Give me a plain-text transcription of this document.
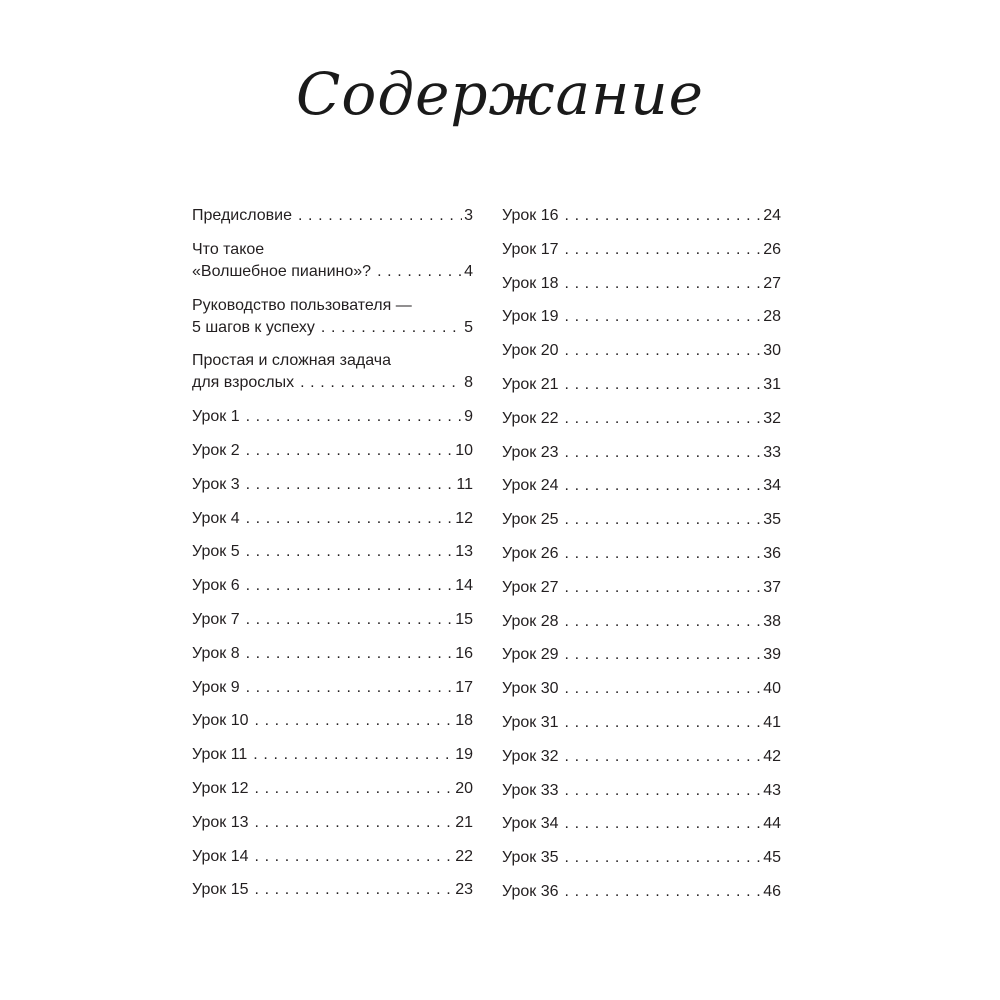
Содержание
Предисловие . . .	3
Что такое
«Волшебное пианино»? . . .	4
Руководство пользователя —
5 шагов к успеху . . .	5
Простая и сложная задача
для взрослых . . .	8
Урок 1 . . .	9
Урок 2 . . .	10
Урок 3 . . .	11
Урок 4 . . .	12
Урок 5 . . .	13
Урок 6 . . .	14
Урок 7 . . .	15
Урок 8 . . .	16
Урок 9 . . .	17
Урок 10 . . .	18
Урок 11 . . .	19
Урок 12 . . .	20
Урок 13 . . .	21
Урок 14 . . .	22
Урок 15 . . .	23
Урок 16 . . .	24
Урок 17 . . .	26
Урок 18 . . .	27
Урок 19 . . .	28
Урок 20 . . .	30
Урок 21 . . .	31
Урок 22 . . .	32
Урок 23 . . .	33
Урок 24 . . .	34
Урок 25 . . .	35
Урок 26 . . .	36
Урок 27 . . .	37
Урок 28 . . .	38
Урок 29 . . .	39
Урок 30 . . .	40
Урок 31 . . .	41
Урок 32 . . .	42
Урок 33 . . .	43
Урок 34 . . .	44
Урок 35 . . .	45
Урок 36 . . .	46
